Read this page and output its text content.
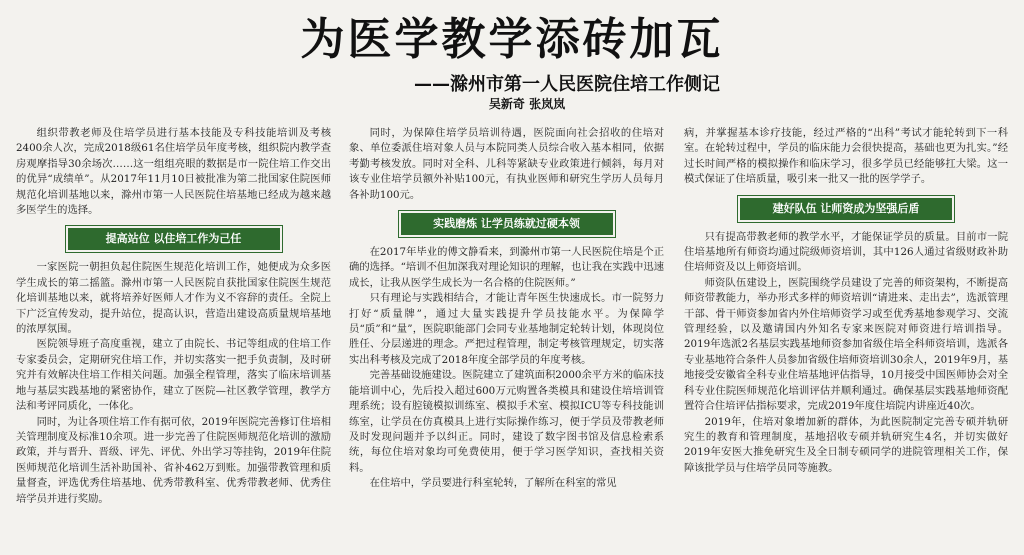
为医学教学添砖加瓦
——滁州市第一人民医院住培工作侧记
吴新奇 张岚岚

组织带教老师及住培学员进行基本技能及专科技能培训及考核2400余人次，完成2018级61名住培学员年度考核，组织院内教学查房观摩指导30余场次……这一组组亮眼的数据是市一院住培工作交出的优异“成绩单”。从2017年11月10日被批准为第二批国家住院医师规范化培训基地以来，滁州市第一人民医院住培基地已经成为越来越多医学生的选择。

提高站位 以住培工作为己任

一家医院一朝担负起住院医生规范化培训工作，她便成为众多医学生成长的第二摇篮。滁州市第一人民医院自获批国家住院医生规范化培训基地以来，就将培养好医师人才作为义不容辞的责任。全院上下广泛宣传发动，提升站位，提高认识，营造出建设高质量规培基地的浓厚氛围。

医院领导班子高度重视，建立了由院长、书记等组成的住培工作专家委员会，定期研究住培工作，并切实落实一把手负责制，及时研究并有效解决住培工作相关问题。加强全程管理，落实了临床培训基地与基层实践基地的紧密协作，建立了医院—社区教学管理，教学方法和考评同质化，一体化。

同时，为让各项住培工作有据可依，2019年医院完善修订住培相关管理制度及标准10余项。进一步完善了住院医师规范化培训的激励政策，并与晋升、晋级、评先、评优、外出学习等挂钩，2019年住院医师规范化培训生活补助国补、省补462万到账。加强带教管理和质量督查，评选优秀住培基地、优秀带教科室、优秀带教老师、优秀住培学员并进行奖励。

同时，为保障住培学员培训待遇，医院面向社会招收的住培对象、单位委派住培对象人员与本院同类人员综合收入基本相同，依据考勤考核发放。同时对全科、儿科等紧缺专业政策进行倾斜，每月对该专业住培学员额外补贴100元，有执业医师和研究生学历人员每月各补助100元。

实践磨炼 让学员练就过硬本领

在2017年毕业的傅文静看来，到滁州市第一人民医院住培是个正确的选择。“培训不但加深我对理论知识的理解，也让我在实践中迅速成长，让我从医学生成长为一名合格的住院医师。”

只有理论与实践相结合，才能让青年医生快速成长。市一院努力打好“质量牌”，通过大量实践提升学员技能水平。为保障学员“质”和“量”，医院职能部门会同专业基地制定轮转计划，体现岗位胜任、分层递进的理念。严把过程管理，制定考核管理规定，切实落实出科考核及完成了2018年度全部学员的年度考核。

完善基础设施建设。医院建立了建筑面积2000余平方米的临床技能培训中心，先后投入超过600万元购置各类模具和建设住培培训管理系统；设有腔镜模拟训练室、模拟手术室、模拟ICU等专科技能训练室，让学员在仿真模具上进行实际操作练习，便于学员及带教老师及时发现问题并予以纠正。同时，建设了数字图书馆及信息检索系统，每位住培对象均可免费使用，便于学习医学知识，查找相关资料。

在住培中，学员要进行科室轮转，了解所在科室的常见

病，并掌握基本诊疗技能，经过严格的“出科”考试才能轮转到下一科室。在轮转过程中，学员的临床能力会很快提高，基础也更为扎实。”经过长时间严格的模拟操作和临床学习，很多学员已经能够扛大梁。这一模式保证了住培质量，吸引来一批又一批的医学学子。

建好队伍 让师资成为坚强后盾

只有提高带教老师的教学水平，才能保证学员的质量。目前市一院住培基地所有师资均通过院级师资培训，其中126人通过省级财政补助住培师资及以上师资培训。

师资队伍建设上，医院围绕学员建设了完善的师资架构，不断提高师资带教能力，举办形式多样的师资培训“请进来、走出去”，选派管理干部、骨干师资参加省内外住培师资学习或至优秀基地参观学习、交流管理经验，以及邀请国内外知名专家来医院对师资进行培训指导。2019年选派2名基层实践基地师资参加省级住培全科师资培训，选派各专业基地符合条件人员参加省级住培师资培训30余人，2019年9月，基地接受安徽省全科专业住培基地评估指导，10月接受中国医师协会对全科专业住院医师规范化培训评估并顺利通过。确保基层实践基地师资配置符合住培评估指标要求，完成2019年度住培院内讲座近40次。

2019年，住培对象增加新的群体，为此医院制定完善专硕并轨研究生的教育和管理制度，基地招收专硕并轨研究生4名，并切实做好2019年安医大推免研究生及全日制专硕同学的进院管理相关工作，保障该批学员与住培学员同等施教。
